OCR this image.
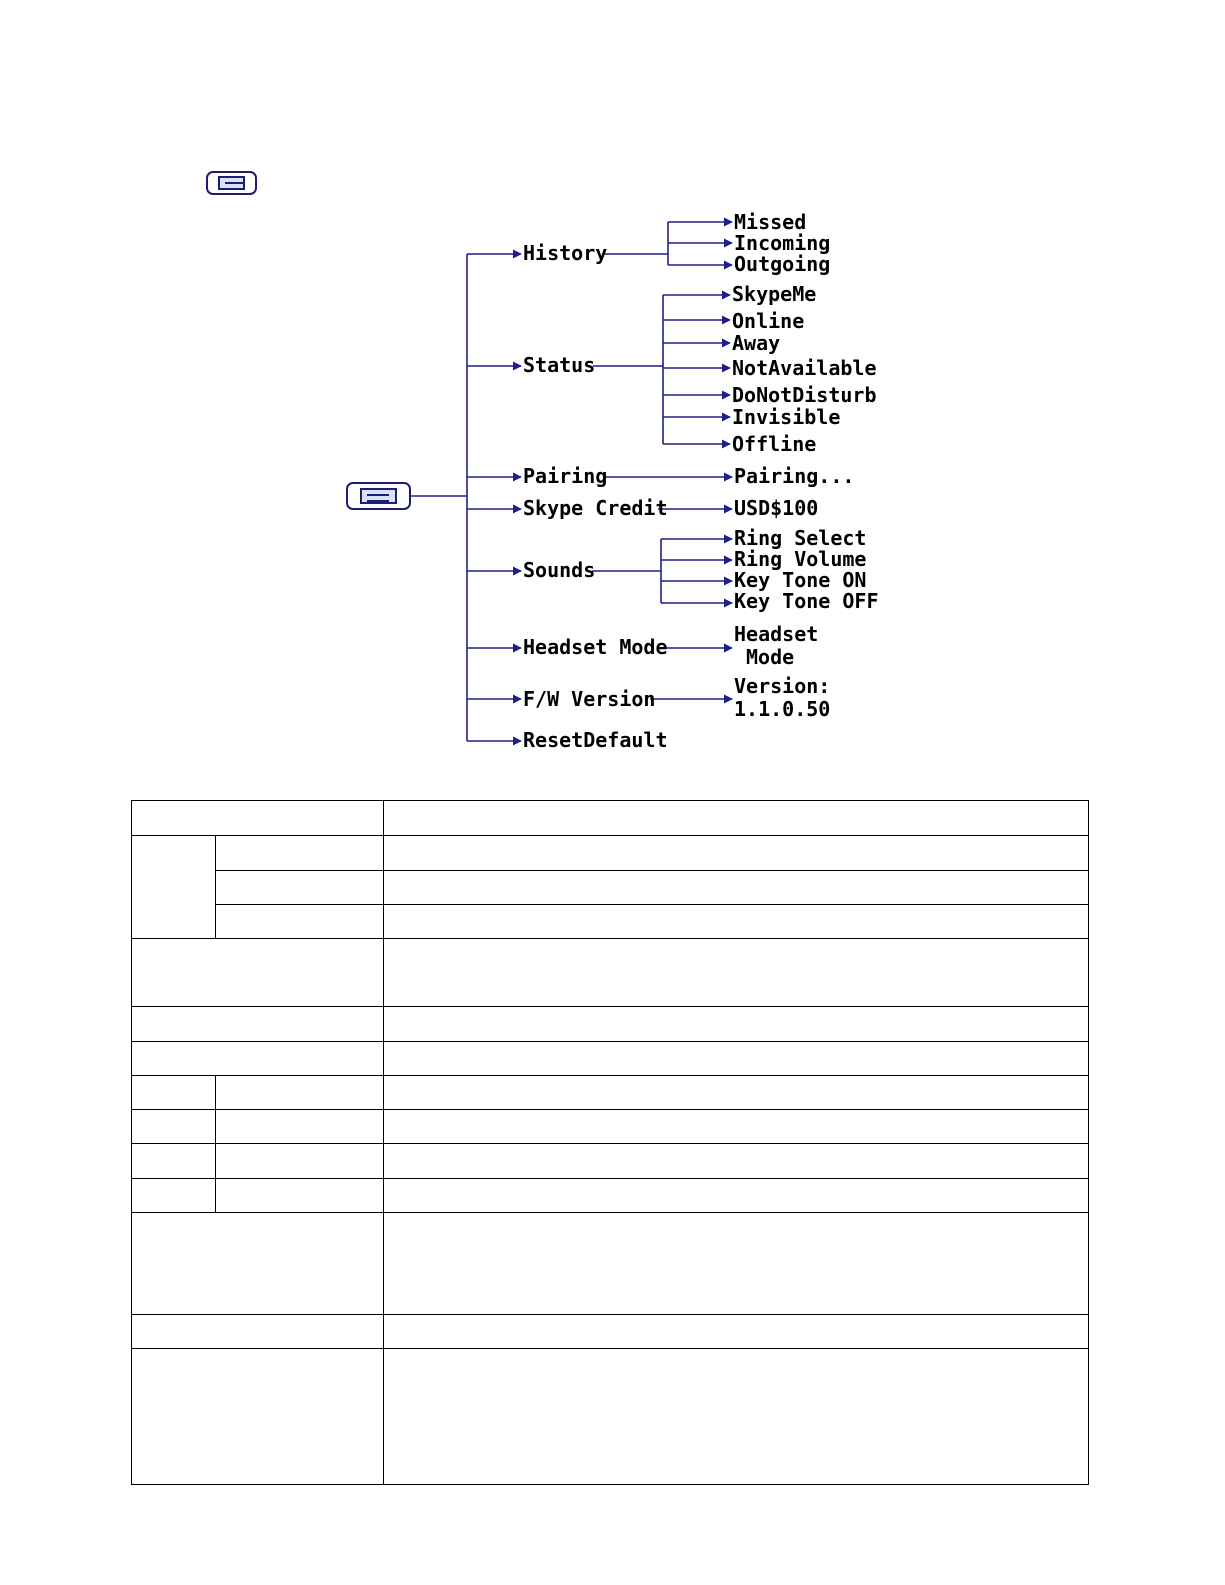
History
Status
Pairing
Skype Credit
Sounds
Headset Mode
F/W Version
ResetDefault
Missed
Incoming
Outgoing
SkypeMe
Online
Away
NotAvailable
DoNotDisturb
Invisible
Offline
Pairing...
USD$100
Ring Select
Ring Volume
Key Tone ON
Key Tone OFF
Headset
Mode
Version:
1.1.0.50
